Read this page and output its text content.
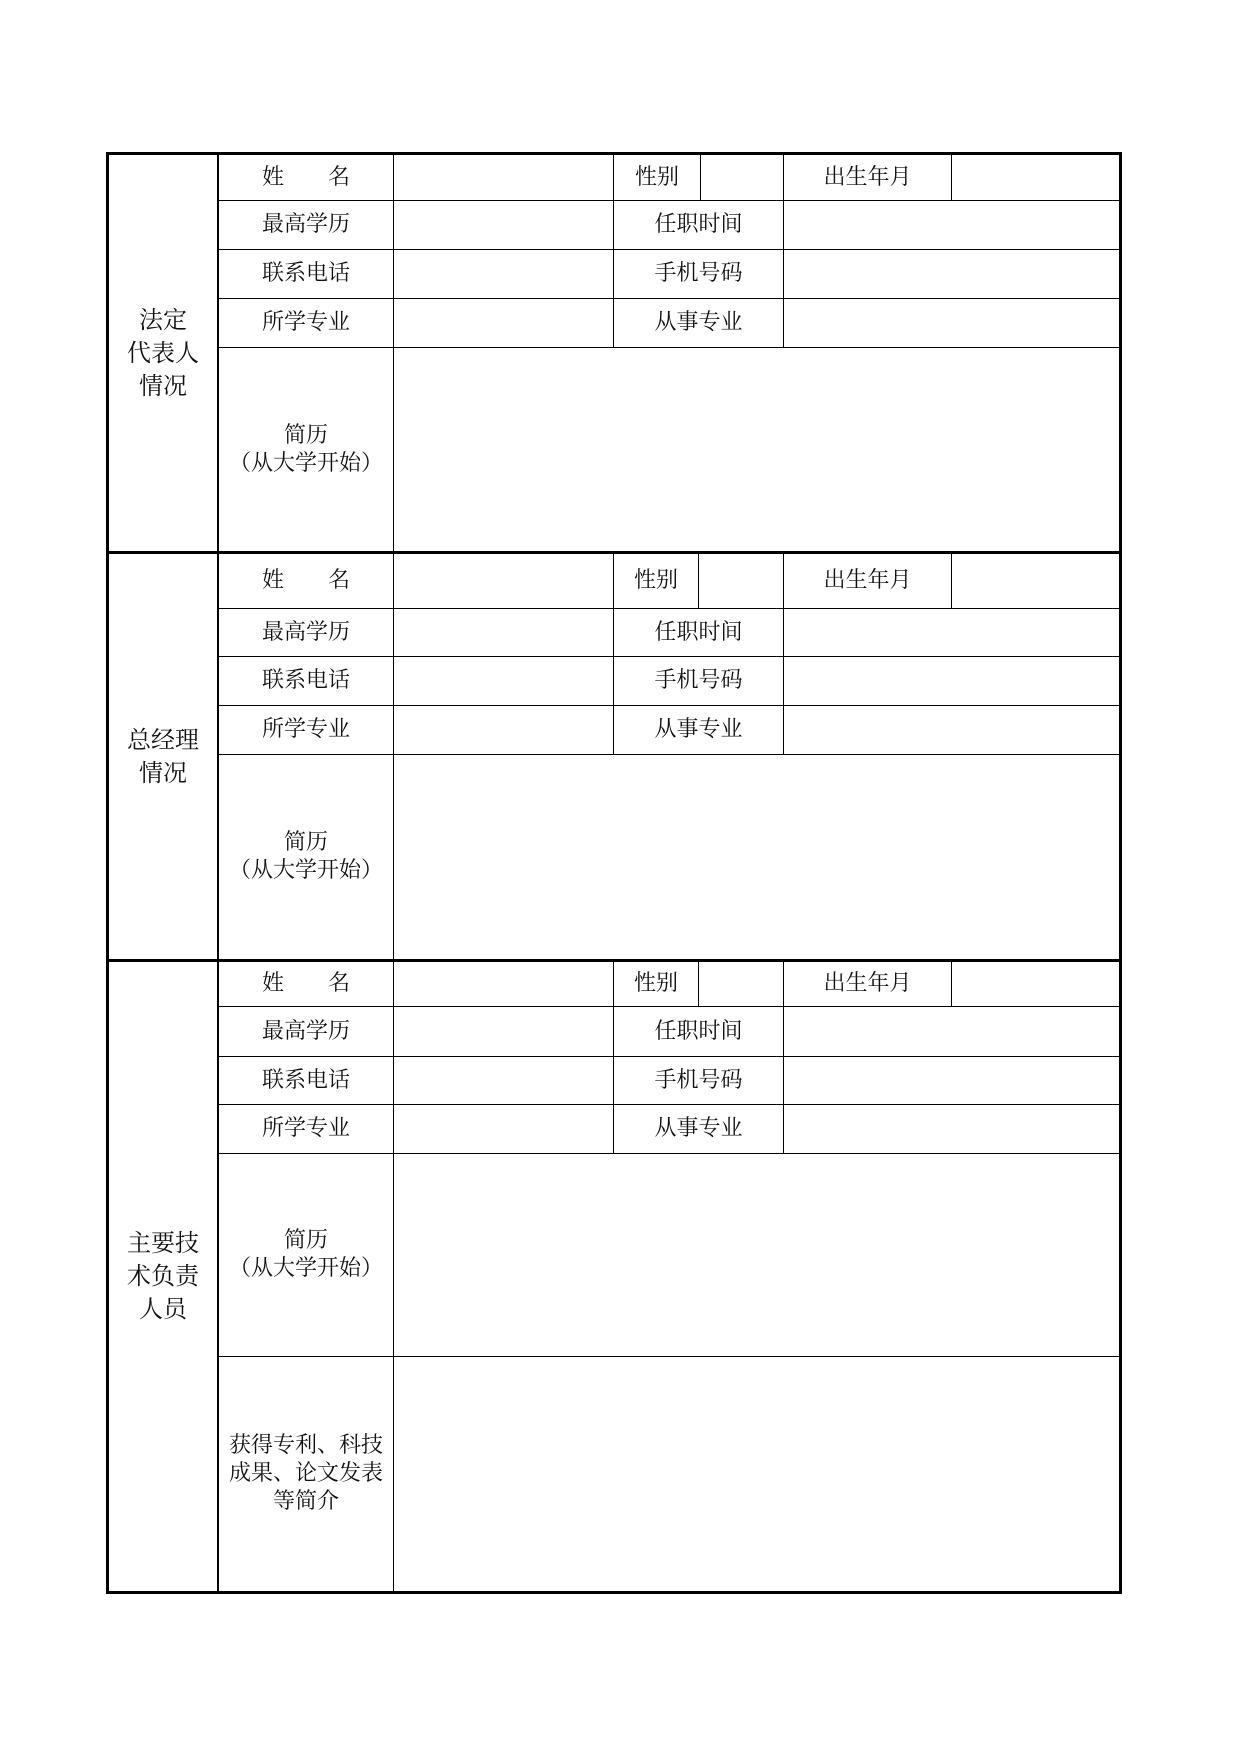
法定
代表人
情况
姓　　名	性别	出生年月
最高学历	任职时间
联系电话	手机号码
所学专业	从事专业
简历
（从大学开始）
总经理
情况
姓　　名	性别	出生年月
最高学历	任职时间
联系电话	手机号码
所学专业	从事专业
简历
（从大学开始）
主要技
术负责
人员
姓　　名	性别	出生年月
最高学历	任职时间
联系电话	手机号码
所学专业	从事专业
简历
（从大学开始）
获得专利、科技
成果、论文发表
等简介
